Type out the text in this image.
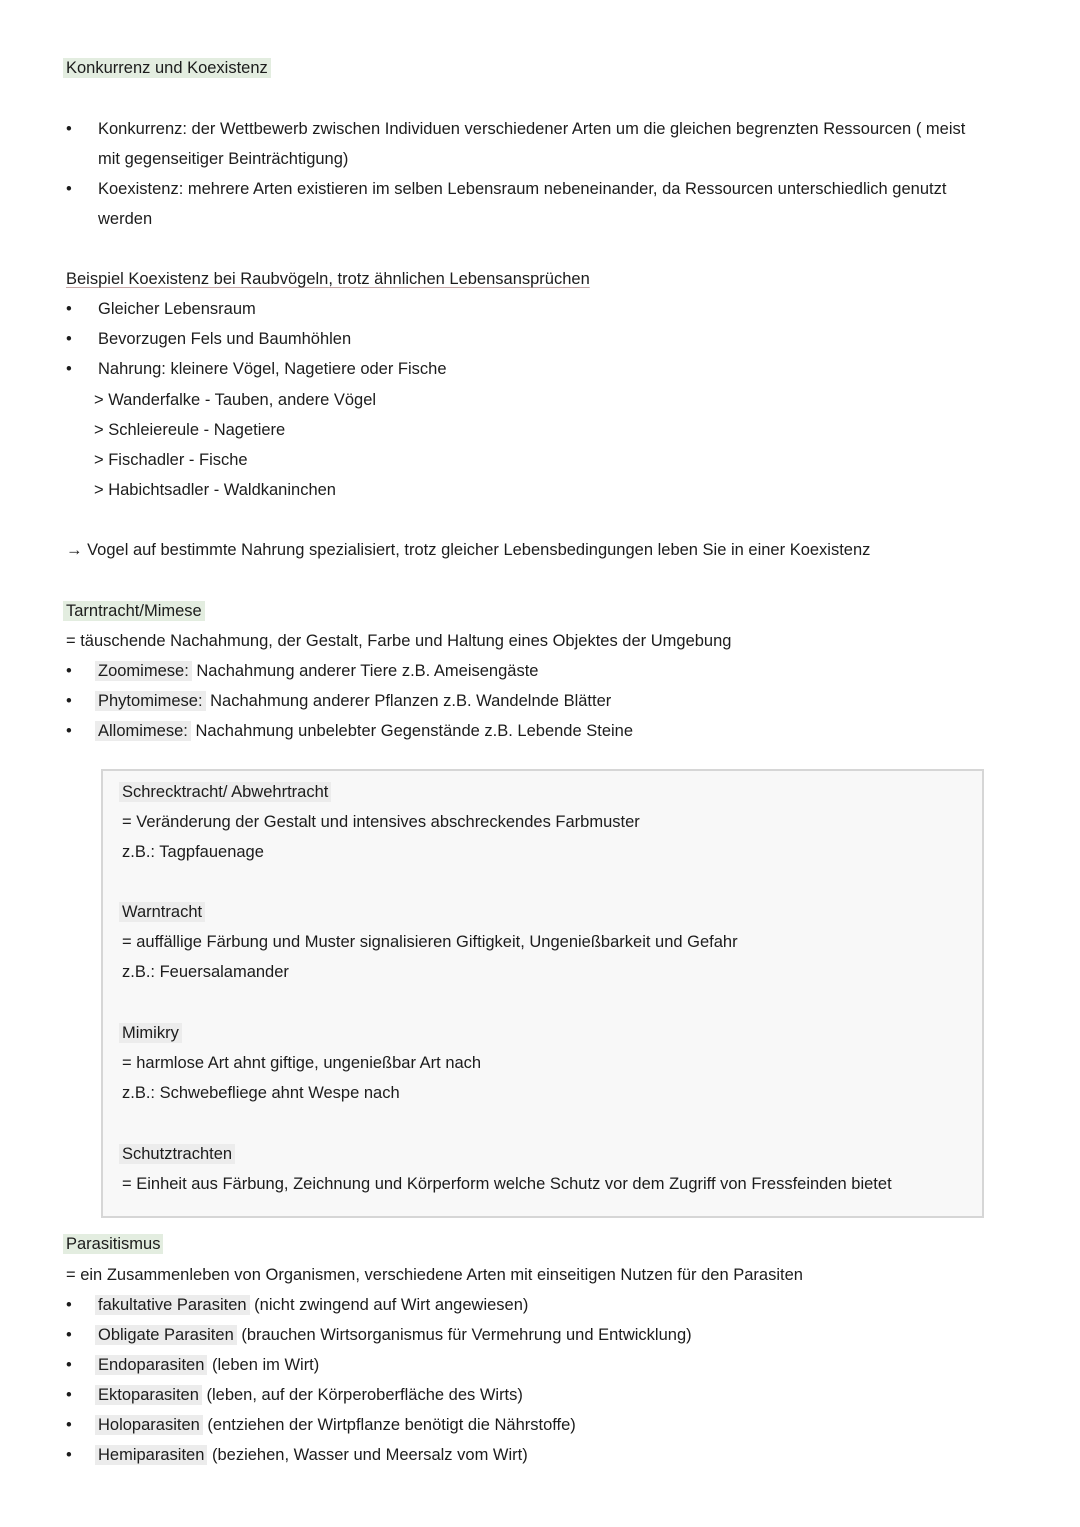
Konkurrenz und Koexistenz
• Konkurrenz: der Wettbewerb zwischen Individuen verschiedener Arten um die gleichen begrenzten Ressourcen ( meist
mit gegenseitiger Beinträchtigung)
• Koexistenz: mehrere Arten existieren im selben Lebensraum nebeneinander, da Ressourcen unterschiedlich genutzt
werden
Beispiel Koexistenz bei Raubvögeln, trotz ähnlichen Lebensansprüchen
• Gleicher Lebensraum
• Bevorzugen Fels und Baumhöhlen
• Nahrung: kleinere Vögel, Nagetiere oder Fische
> Wanderfalke - Tauben, andere Vögel
> Schleiereule - Nagetiere
> Fischadler - Fische
> Habichtsadler - Waldkaninchen
→ Vogel auf bestimmte Nahrung spezialisiert, trotz gleicher Lebensbedingungen leben Sie in einer Koexistenz
Tarntracht/Mimese
= täuschende Nachahmung, der Gestalt, Farbe und Haltung eines Objektes der Umgebung
• Zoomimese: Nachahmung anderer Tiere z.B. Ameisengäste
• Phytomimese: Nachahmung anderer Pflanzen z.B. Wandelnde Blätter
• Allomimese: Nachahmung unbelebter Gegenstände z.B. Lebende Steine
Schrecktracht/ Abwehrtracht
= Veränderung der Gestalt und intensives abschreckendes Farbmuster
z.B.: Tagpfauenage
Warntracht
= auffällige Färbung und Muster signalisieren Giftigkeit, Ungenießbarkeit und Gefahr
z.B.: Feuersalamander
Mimikry
= harmlose Art ahnt giftige, ungenießbar Art nach
z.B.: Schwebefliege ahnt Wespe nach
Schutztrachten
= Einheit aus Färbung, Zeichnung und Körperform welche Schutz vor dem Zugriff von Fressfeinden bietet
Parasitismus
= ein Zusammenleben von Organismen, verschiedene Arten mit einseitigen Nutzen für den Parasiten
• fakultative Parasiten (nicht zwingend auf Wirt angewiesen)
• Obligate Parasiten (brauchen Wirtsorganismus für Vermehrung und Entwicklung)
• Endoparasiten (leben im Wirt)
• Ektoparasiten (leben, auf der Körperoberfläche des Wirts)
• Holoparasiten (entziehen der Wirtpflanze benötigt die Nährstoffe)
• Hemiparasiten (beziehen, Wasser und Meersalz vom Wirt)
